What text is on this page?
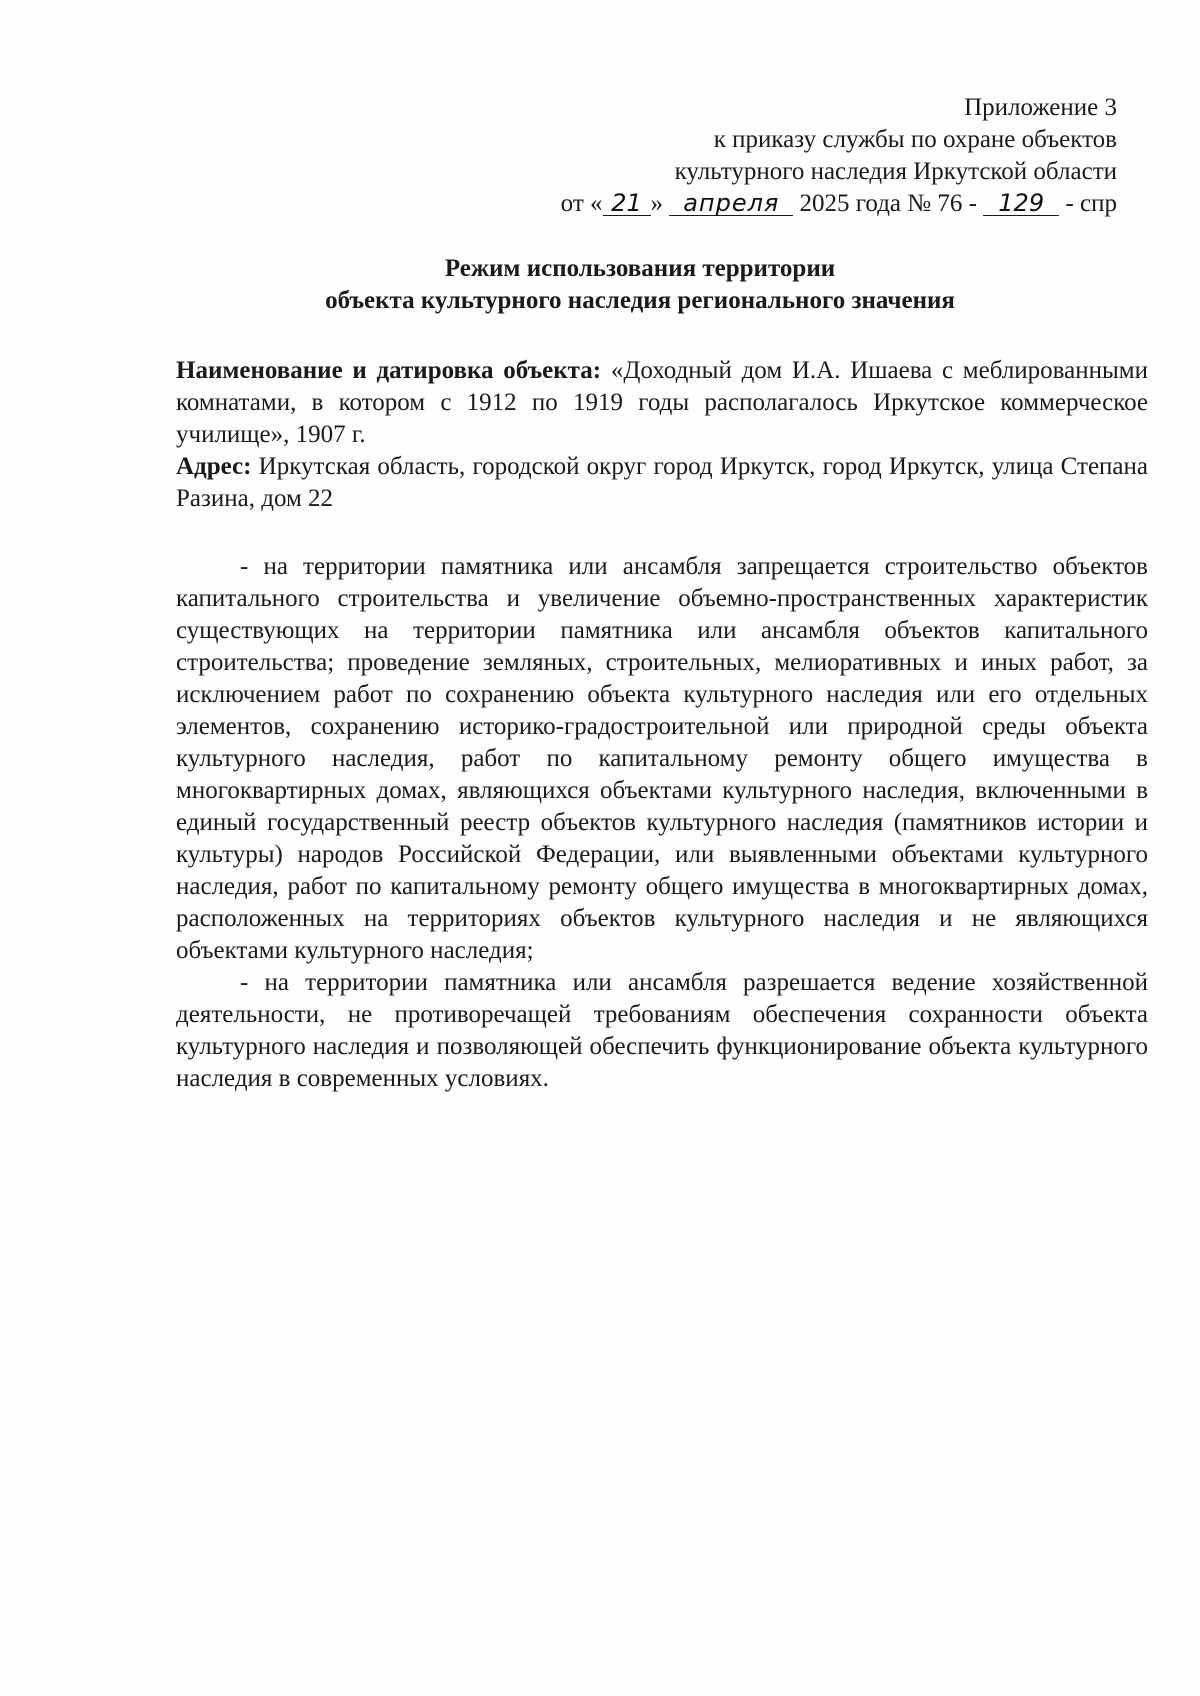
Приложение 3
к приказу службы по охране объектов
культурного наследия Иркутской области
от « 21 » апреля 2025 года № 76 - 129 - спр
Режим использования территории
объекта культурного наследия регионального значения

Наименование и датировка объекта: «Доходный дом И.А. Ишаева с меблированными комнатами, в котором с 1912 по 1919 годы располагалось Иркутское коммерческое училище», 1907 г.

Адрес: Иркутская область, городской округ город Иркутск, город Иркутск, улица Степана Разина, дом 22

- на территории памятника или ансамбля запрещается строительство объектов капитального строительства и увеличение объемно-пространственных характеристик существующих на территории памятника или ансамбля объектов капитального строительства; проведение земляных, строительных, мелиоративных и иных работ, за исключением работ по сохранению объекта культурного наследия или его отдельных элементов, сохранению историко-градостроительной или природной среды объекта культурного наследия, работ по капитальному ремонту общего имущества в многоквартирных домах, являющихся объектами культурного наследия, включенными в единый государственный реестр объектов культурного наследия (памятников истории и культуры) народов Российской Федерации, или выявленными объектами культурного наследия, работ по капитальному ремонту общего имущества в многоквартирных домах, расположенных на территориях объектов культурного наследия и не являющихся объектами культурного наследия;

- на территории памятника или ансамбля разрешается ведение хозяйственной деятельности, не противоречащей требованиям обеспечения сохранности объекта культурного наследия и позволяющей обеспечить функционирование объекта культурного наследия в современных условиях.
